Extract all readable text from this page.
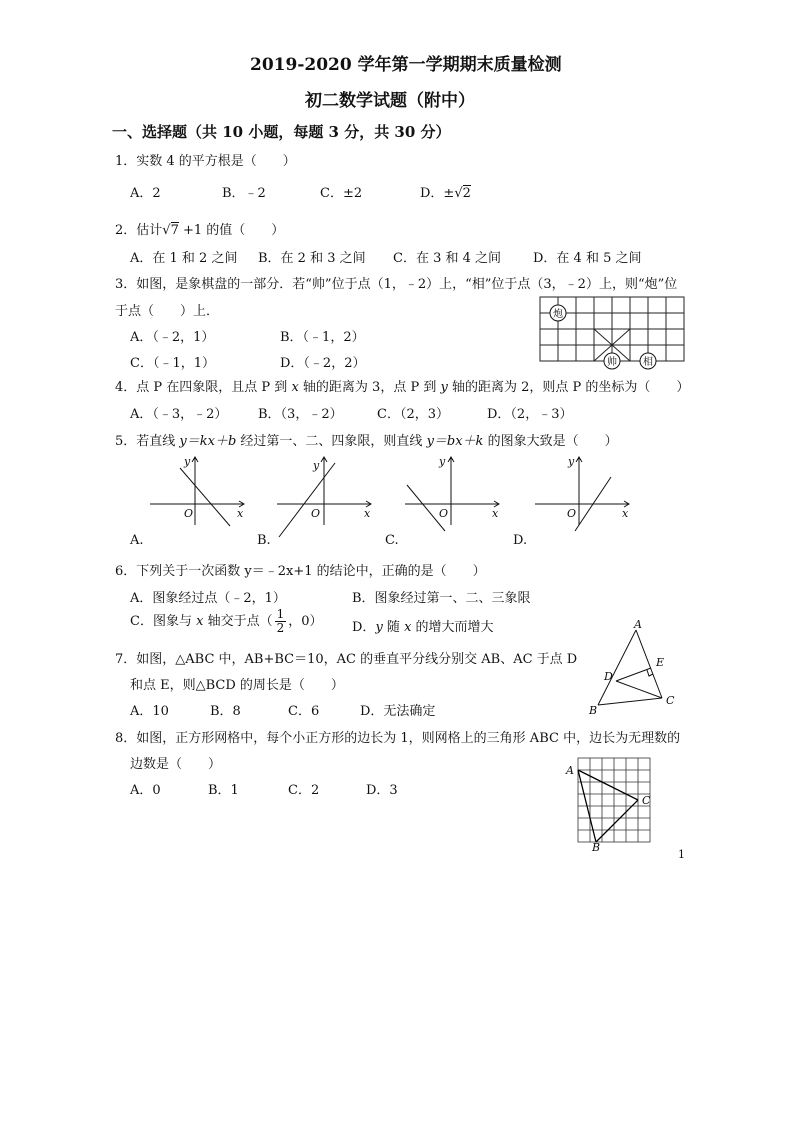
2019-2020 学年第一学期期末质量检测
初二数学试题（附中）
一、选择题（共 10 小题，每题 3 分，共 30 分）
1．实数 4 的平方根是（　　）
A．2	B．﹣2	C．±2	D．±√2
2．估计√7 +1 的值（　　）
A．在 1 和 2 之间 B．在 2 和 3 之间 C．在 3 和 4 之间 D．在 4 和 5 之间
3．如图，是象棋盘的一部分．若“帅”位于点（1，﹣2）上，“相”位于点（3，﹣2）上，则“炮”位
于点（　　）上．
A．（﹣2，1）	B．（﹣1，2）
C．（﹣1，1）	D．（﹣2，2）
炮
帅	相
4．点 P 在四象限，且点 P 到 x 轴的距离为 3，点 P 到 y 轴的距离为 2，则点 P 的坐标为（　　）
A．（﹣3，﹣2） B．（3，﹣2）	C．（2，3）	D．（2，﹣3）
5．若直线 y＝kx＋b 经过第一、二、四象限，则直线 y＝bx＋k 的图象大致是（　　）
y
O	x
y
O	x
y
O	x
y
O	x
A.	B.	C.	D.
6．下列关于一次函数 y＝﹣2x+1 的结论中，正确的是（　　）
A．图象经过点（﹣2，1）	B．图象经过第一、二、三象限
C．图象与 x 轴交于点（ $\frac{1}{2}$ ，0） D．y 随 x 的增大而增大
7．如图，△ABC 中，AB+BC＝10，AC 的垂直平分线分别交 AB、AC 于点 D
和点 E，则△BCD 的周长是（　　）
A．10	B．8	C．6	D．无法确定
A
B
C
D
E
8．如图，正方形网格中，每个小正方形的边长为 1，则网格上的三角形 ABC 中，边长为无理数的
边数是（　　）
A．0	B．1	C．2	D．3
A
B
C
1
